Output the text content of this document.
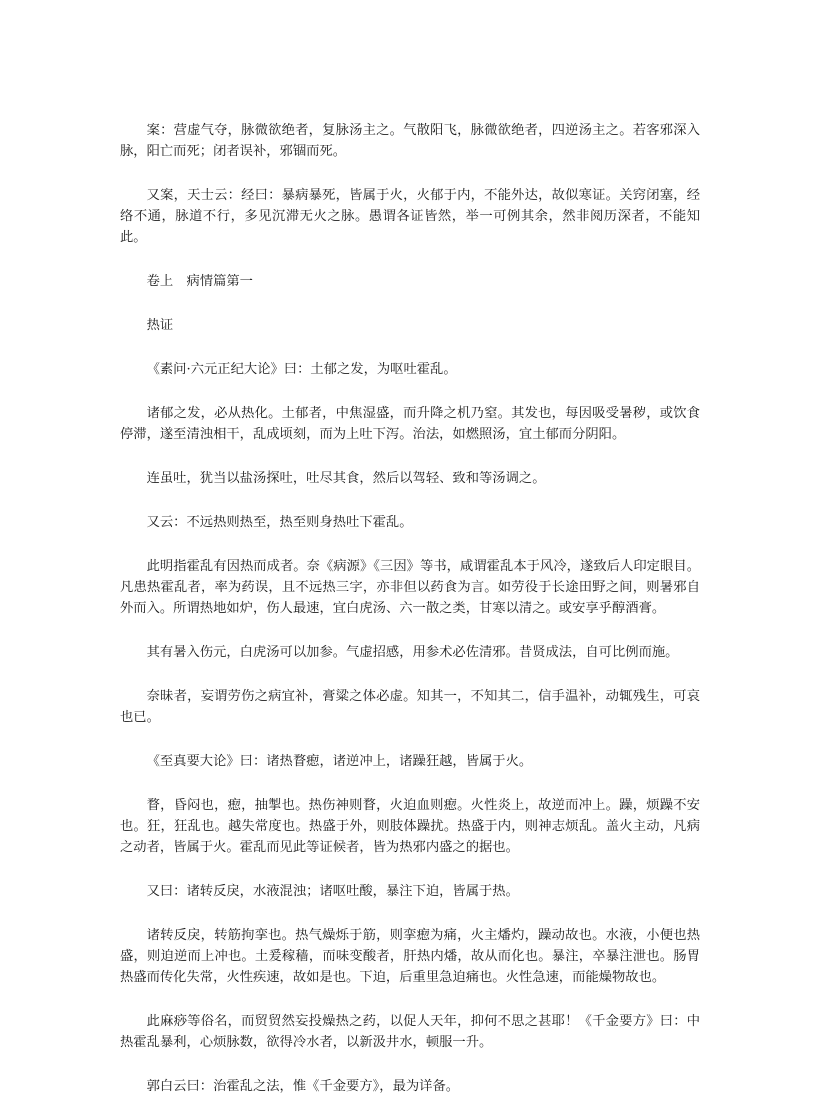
案：营虚气夺，脉微欲绝者，复脉汤主之。气散阳飞，脉微欲绝者，四逆汤主之。若客邪深入脉，阳亡而死；闭者误补，邪锢而死。

又案，天士云：经曰：暴病暴死，皆属于火，火郁于内，不能外达，故似寒证。关窍闭塞，经络不通，脉道不行，多见沉滞无火之脉。愚谓各证皆然，举一可例其余，然非阅历深者，不能知此。

卷上　病情篇第一

热证

《素问·六元正纪大论》曰：土郁之发，为呕吐霍乱。

诸郁之发，必从热化。土郁者，中焦湿盛，而升降之机乃窒。其发也，每因吸受暑秽，或饮食停滞，遂至清浊相干，乱成顷刻，而为上吐下泻。治法，如燃照汤，宜土郁而分阴阳。

连虽吐，犹当以盐汤探吐，吐尽其食，然后以驾轻、致和等汤调之。

又云：不远热则热至，热至则身热吐下霍乱。

此明指霍乱有因热而成者。奈《病源》《三因》等书，咸谓霍乱本于风冷，遂致后人印定眼目。凡患热霍乱者，率为药误，且不远热三字，亦非但以药食为言。如劳役于长途田野之间，则暑邪自外而入。所谓热地如炉，伤人最速，宜白虎汤、六一散之类，甘寒以清之。或安享乎醇酒膏。

其有暑入伤元，白虎汤可以加参。气虚招感，用参术必佐清邪。昔贤成法，自可比例而施。

奈昧者，妄谓劳伤之病宜补，膏粱之体必虚。知其一，不知其二，信手温补，动辄残生，可哀也已。

《至真要大论》曰：诸热瞀瘛，诸逆冲上，诸躁狂越，皆属于火。

瞀，昏闷也，瘛，抽掣也。热伤神则瞀，火迫血则瘛。火性炎上，故逆而冲上。躁，烦躁不安也。狂，狂乱也。越失常度也。热盛于外，则肢体躁扰。热盛于内，则神志烦乱。盖火主动，凡病之动者，皆属于火。霍乱而见此等证候者，皆为热邪内盛之的据也。

又曰：诸转反戾，水液混浊；诸呕吐酸，暴注下迫，皆属于热。

诸转反戾，转筋拘挛也。热气燥烁于筋，则挛瘛为痛，火主燔灼，躁动故也。水液，小便也热盛，则迫逆而上冲也。土爰稼穑，而味变酸者，肝热内燔，故从而化也。暴注，卒暴注泄也。肠胃热盛而传化失常，火性疾速，故如是也。下迫，后重里急迫痛也。火性急速，而能燥物故也。

此麻痧等俗名，而贸贸然妄投燥热之药，以促人天年，抑何不思之甚耶！《千金要方》曰：中热霍乱暴利，心烦脉数，欲得冷水者，以新汲井水，顿服一升。

郭白云曰：治霍乱之法，惟《千金要方》，最为详备。
